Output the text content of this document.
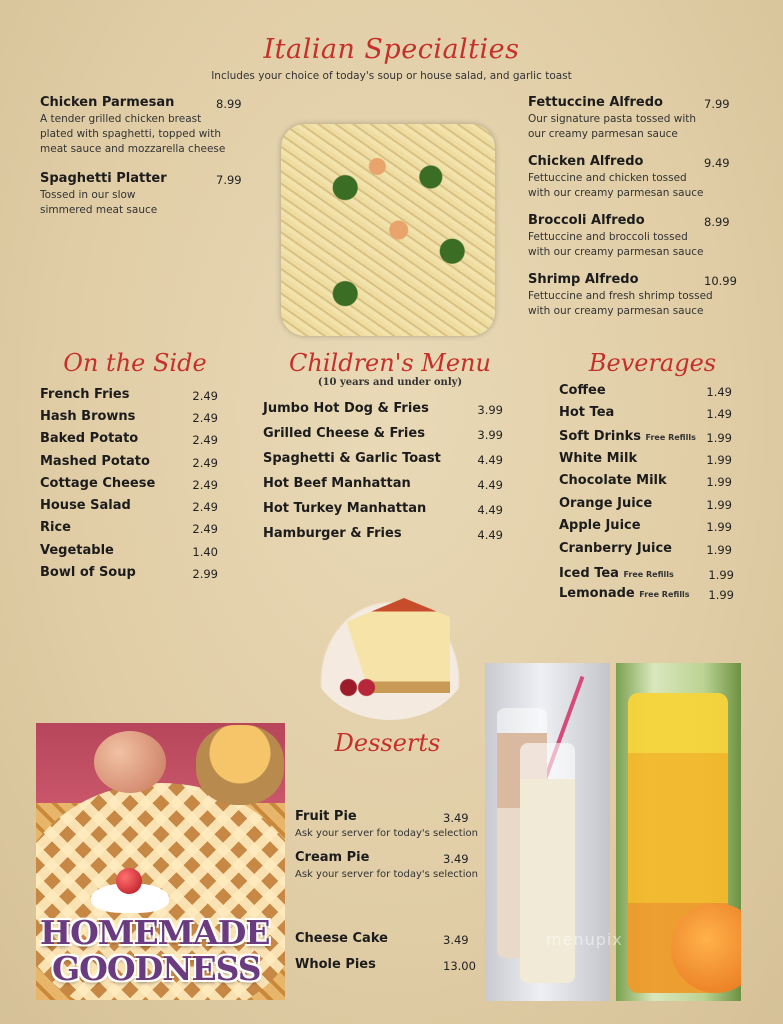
Italian Specialties
Includes your choice of today's soup or house salad, and garlic toast
Chicken Parmesan	8.99
A tender grilled chicken breast
plated with spaghetti, topped with
meat sauce and mozzarella cheese
Spaghetti Platter	7.99
Tossed in our slow
simmered meat sauce
Fettuccine Alfredo	7.99
Our signature pasta tossed with
our creamy parmesan sauce
Chicken Alfredo	9.49
Fettuccine and chicken tossed
with our creamy parmesan sauce
Broccoli Alfredo	8.99
Fettuccine and broccoli tossed
with our creamy parmesan sauce
Shrimp Alfredo	10.99
Fettuccine and fresh shrimp tossed
with our creamy parmesan sauce
On the Side
French Fries	2.49
Hash Browns	2.49
Baked Potato	2.49
Mashed Potato	2.49
Cottage Cheese	2.49
House Salad	2.49
Rice	2.49
Vegetable	1.40
Bowl of Soup	2.99
Children's Menu
(10 years and under only)
Jumbo Hot Dog & Fries	3.99
Grilled Cheese & Fries	3.99
Spaghetti & Garlic Toast	4.49
Hot Beef Manhattan	4.49
Hot Turkey Manhattan	4.49
Hamburger & Fries	4.49
Beverages
Coffee	1.49
Hot Tea	1.49
Soft Drinks Free Refills 1.99
White Milk	1.99
Chocolate Milk	1.99
Orange Juice	1.99
Apple Juice	1.99
Cranberry Juice	1.99
Iced Tea Free Refills	1.99
Lemonade Free Refills 1.99
HOMEMADE
GOODNESS
Desserts
Fruit Pie	3.49
Ask your server for today's selection
Cream Pie	3.49
Ask your server for today's selection
Cheese Cake	3.49
Whole Pies	13.00
menupix
